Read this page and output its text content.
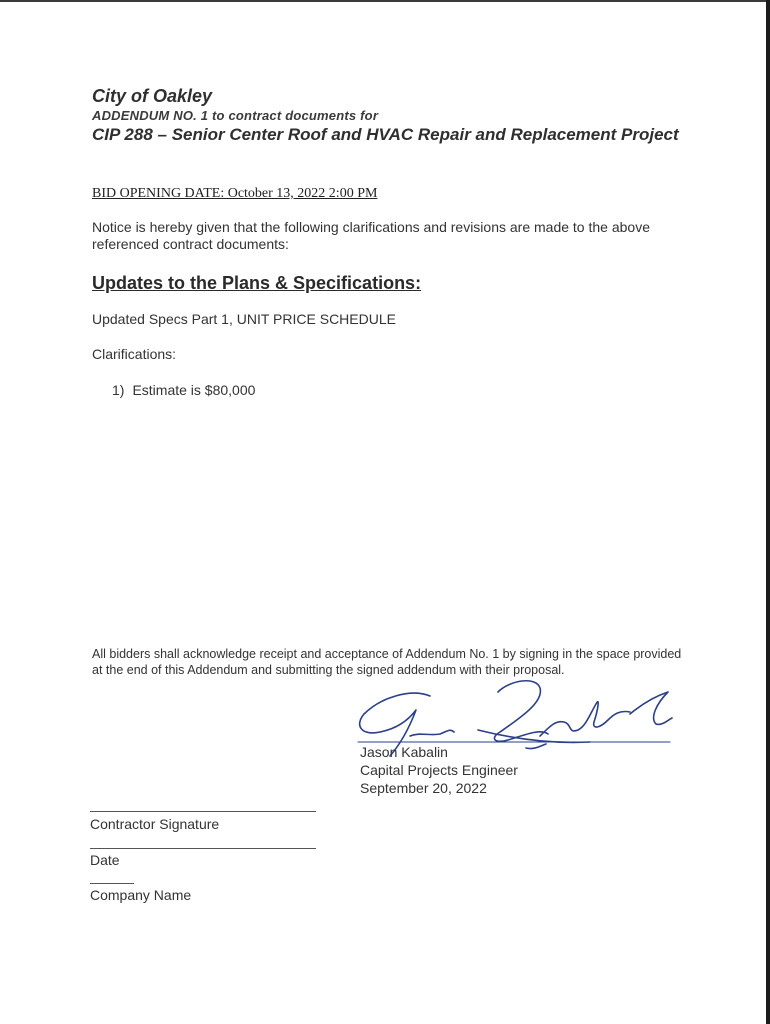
City of Oakley
ADDENDUM NO. 1 to contract documents for
CIP 288 – Senior Center Roof and HVAC Repair and Replacement Project
BID OPENING DATE: October 13, 2022 2:00 PM
Notice is hereby given that the following clarifications and revisions are made to the above referenced contract documents:
Updates to the Plans & Specifications:
Updated Specs Part 1, UNIT PRICE SCHEDULE
Clarifications:
1) Estimate is $80,000
All bidders shall acknowledge receipt and acceptance of Addendum No. 1 by signing in the space provided at the end of this Addendum and submitting the signed addendum with their proposal.
Jason Kabalin
Capital Projects Engineer
September 20, 2022
Contractor Signature
Date
Company Name
